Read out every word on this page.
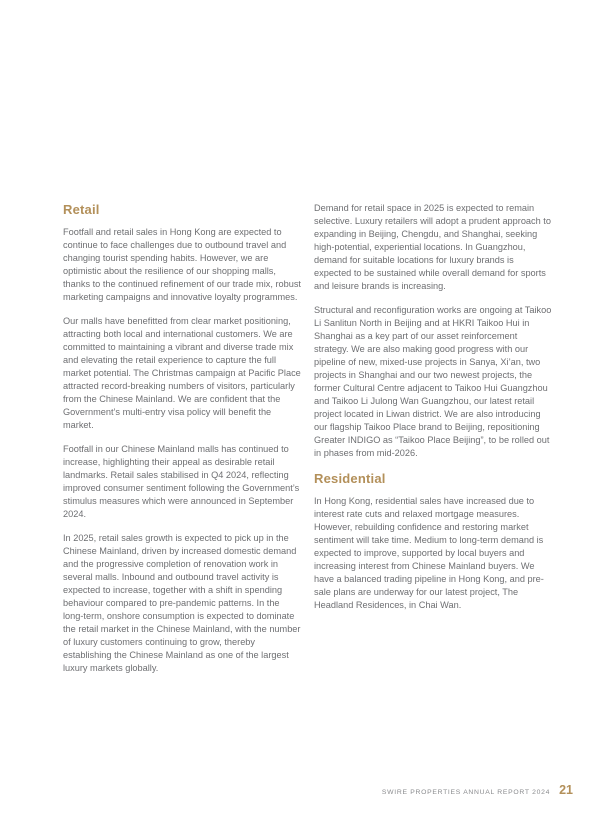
Retail

Footfall and retail sales in Hong Kong are expected to continue to face challenges due to outbound travel and changing tourist spending habits. However, we are optimistic about the resilience of our shopping malls, thanks to the continued refinement of our trade mix, robust marketing campaigns and innovative loyalty programmes.

Our malls have benefitted from clear market positioning, attracting both local and international customers. We are committed to maintaining a vibrant and diverse trade mix and elevating the retail experience to capture the full market potential. The Christmas campaign at Pacific Place attracted record-breaking numbers of visitors, particularly from the Chinese Mainland. We are confident that the Government’s multi-entry visa policy will benefit the market.

Footfall in our Chinese Mainland malls has continued to increase, highlighting their appeal as desirable retail landmarks. Retail sales stabilised in Q4 2024, reflecting improved consumer sentiment following the Government’s stimulus measures which were announced in September 2024.

In 2025, retail sales growth is expected to pick up in the Chinese Mainland, driven by increased domestic demand and the progressive completion of renovation work in several malls. Inbound and outbound travel activity is expected to increase, together with a shift in spending behaviour compared to pre-pandemic patterns. In the long-term, onshore consumption is expected to dominate the retail market in the Chinese Mainland, with the number of luxury customers continuing to grow, thereby establishing the Chinese Mainland as one of the largest luxury markets globally.

Demand for retail space in 2025 is expected to remain selective. Luxury retailers will adopt a prudent approach to expanding in Beijing, Chengdu, and Shanghai, seeking high-potential, experiential locations. In Guangzhou, demand for suitable locations for luxury brands is expected to be sustained while overall demand for sports and leisure brands is increasing.

Structural and reconfiguration works are ongoing at Taikoo Li Sanlitun North in Beijing and at HKRI Taikoo Hui in Shanghai as a key part of our asset reinforcement strategy. We are also making good progress with our pipeline of new, mixed-use projects in Sanya, Xi’an, two projects in Shanghai and our two newest projects, the former Cultural Centre adjacent to Taikoo Hui Guangzhou and Taikoo Li Julong Wan Guangzhou, our latest retail project located in Liwan district. We are also introducing our flagship Taikoo Place brand to Beijing, repositioning Greater INDIGO as “Taikoo Place Beijing”, to be rolled out in phases from mid-2026.

Residential

In Hong Kong, residential sales have increased due to interest rate cuts and relaxed mortgage measures. However, rebuilding confidence and restoring market sentiment will take time. Medium to long-term demand is expected to improve, supported by local buyers and increasing interest from Chinese Mainland buyers. We have a balanced trading pipeline in Hong Kong, and pre-sale plans are underway for our latest project, The Headland Residences, in Chai Wan.

SWIRE PROPERTIES ANNUAL REPORT 2024 21
